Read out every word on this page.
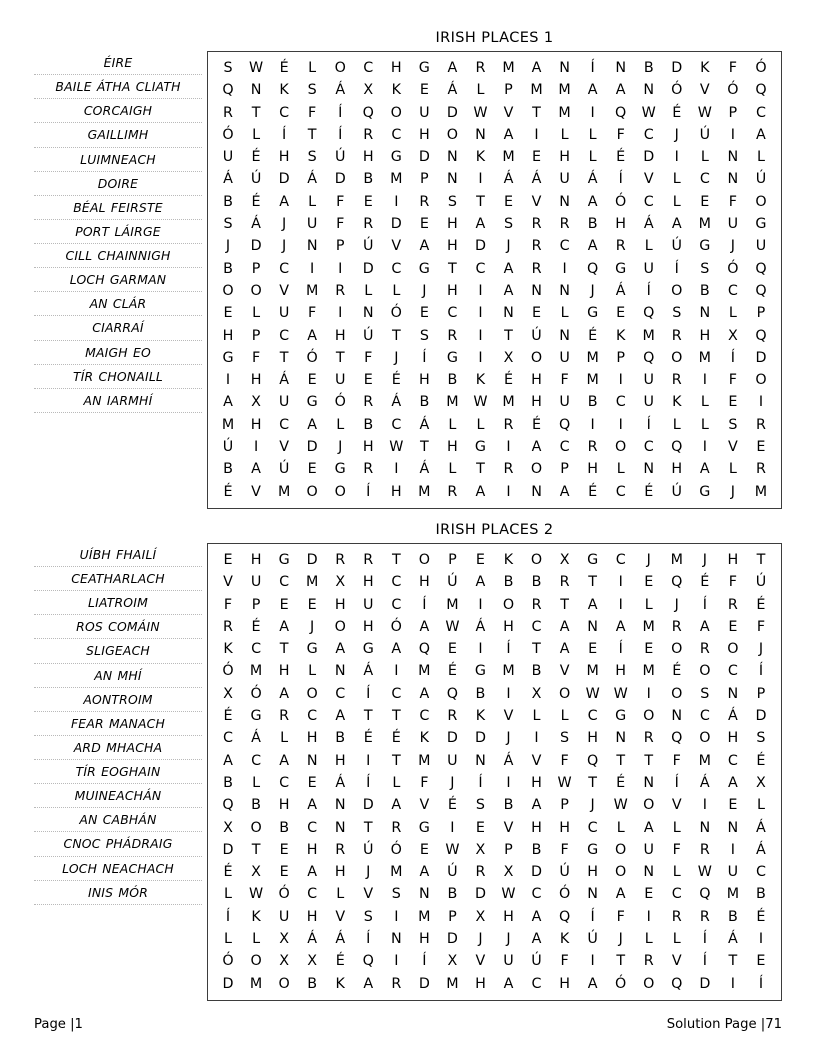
ÉIRE
BAILE ÁTHA CLIATH
CORCAIGH
GAILLIMH
LUIMNEACH
DOIRE
BÉAL FEIRSTE
PORT LÁIRGE
CILL CHAINNIGH
LOCH GARMAN
AN CLÁR
CIARRAÍ
MAIGH EO
TÍR CHONAILL
AN IARMHÍ
IRISH PLACES 1
S	W	É	L	O	C	H	G	A	R	M	A	N	Í	N	B	D	K	F	Ó
Q	N	K	S	Á	X	K	E	Á	L	P	M	M	A	A	N	Ó	V	Ó	Q
R	T	C	F	Í	Q	O	U	D	W	V	T	M	I	Q	W	É	W	P	C
Ó	L	Í	T	Í	R	C	H	O	N	A	I	L	L	F	C	J	Ú	I	A
U	É	H	S	Ú	H	G	D	N	K	M	E	H	L	É	D	I	L	N	L
Á	Ú	D	Á	D	B	M	P	N	I	Á	Á	U	Á	Í	V	L	C	N	Ú
B	É	A	L	F	E	I	R	S	T	E	V	N	A	Ó	C	L	E	F	O
S	Á	J	U	F	R	D	E	H	A	S	R	R	B	H	Á	A	M	U	G
J	D	J	N	P	Ú	V	A	H	D	J	R	C	A	R	L	Ú	G	J	U
B	P	C	I	I	D	C	G	T	C	A	R	I	Q	G	U	Í	S	Ó	Q
O	O	V	M	R	L	L	J	H	I	A	N	N	J	Á	Í	O	B	C	Q
E	L	U	F	I	N	Ó	E	C	I	N	E	L	G	E	Q	S	N	L	P
H	P	C	A	H	Ú	T	S	R	I	T	Ú	N	É	K	M	R	H	X	Q
G	F	T	Ó	T	F	J	Í	G	I	X	O	U	M	P	Q	O	M	Í	D
I	H	Á	E	U	E	É	H	B	K	É	H	F	M	I	U	R	I	F	O
A	X	U	G	Ó	R	Á	B	M	W	M	H	U	B	C	U	K	L	E	I
M	H	C	A	L	B	C	Á	L	L	R	É	Q	I	I	Í	L	L	S	R
Ú	I	V	D	J	H	W	T	H	G	I	A	C	R	O	C	Q	I	V	E
B	A	Ú	E	G	R	I	Á	L	T	R	O	P	H	L	N	H	A	L	R
É	V	M	O	O	Í	H	M	R	A	I	N	A	É	C	É	Ú	G	J	M
UÍBH FHAILÍ
CEATHARLACH
LIATROIM
ROS COMÁIN
SLIGEACH
AN MHÍ
AONTROIM
FEAR MANACH
ARD MHACHA
TÍR EOGHAIN
MUINEACHÁN
AN CABHÁN
CNOC PHÁDRAIG
LOCH NEACHACH
INIS MÓR
IRISH PLACES 2
E	H	G	D	R	R	T	O	P	E	K	O	X	G	C	J	M	J	H	T
V	U	C	M	X	H	C	H	Ú	A	B	B	R	T	I	E	Q	É	F	Ú
F	P	E	E	H	U	C	Í	M	I	O	R	T	A	I	L	J	Í	R	É
R	É	A	J	O	H	Ó	A	W	Á	H	C	A	N	A	M	R	A	E	F
K	C	T	G	A	G	A	Q	E	I	Í	T	A	E	Í	E	O	R	O	J
Ó	M	H	L	N	Á	I	M	É	G	M	B	V	M	H	M	É	O	C	Í
X	Ó	A	O	C	Í	C	A	Q	B	I	X	O	W	W	I	O	S	N	P
É	G	R	C	A	T	T	C	R	K	V	L	L	C	G	O	N	C	Á	D
C	Á	L	H	B	É	É	K	D	D	J	I	S	H	N	R	Q	O	H	S
A	C	A	N	H	I	T	M	U	N	Á	V	F	Q	T	T	F	M	C	É
B	L	C	E	Á	Í	L	F	J	Í	I	H	W	T	É	N	Í	Á	A	X
Q	B	H	A	N	D	A	V	É	S	B	A	P	J	W	O	V	I	E	L
X	O	B	C	N	T	R	G	I	E	V	H	H	C	L	A	L	N	N	Á
D	T	E	H	R	Ú	Ó	E	W	X	P	B	F	G	O	U	F	R	I	Á
É	X	E	A	H	J	M	A	Ú	R	X	D	Ú	H	O	N	L	W	U	C
L	W	Ó	C	L	V	S	N	B	D	W	C	Ó	N	A	E	C	Q	M	B
Í	K	U	H	V	S	I	M	P	X	H	A	Q	Í	F	I	R	R	B	É
L	L	X	Á	Á	Í	N	H	D	J	J	A	K	Ú	J	L	L	Í	Á	I
Ó	O	X	X	É	Q	I	Í	X	V	U	Ú	F	I	T	R	V	Í	T	E
D	M	O	B	K	A	R	D	M	H	A	C	H	A	Ó	O	Q	D	I	Í
Page |1	Solution Page |71
